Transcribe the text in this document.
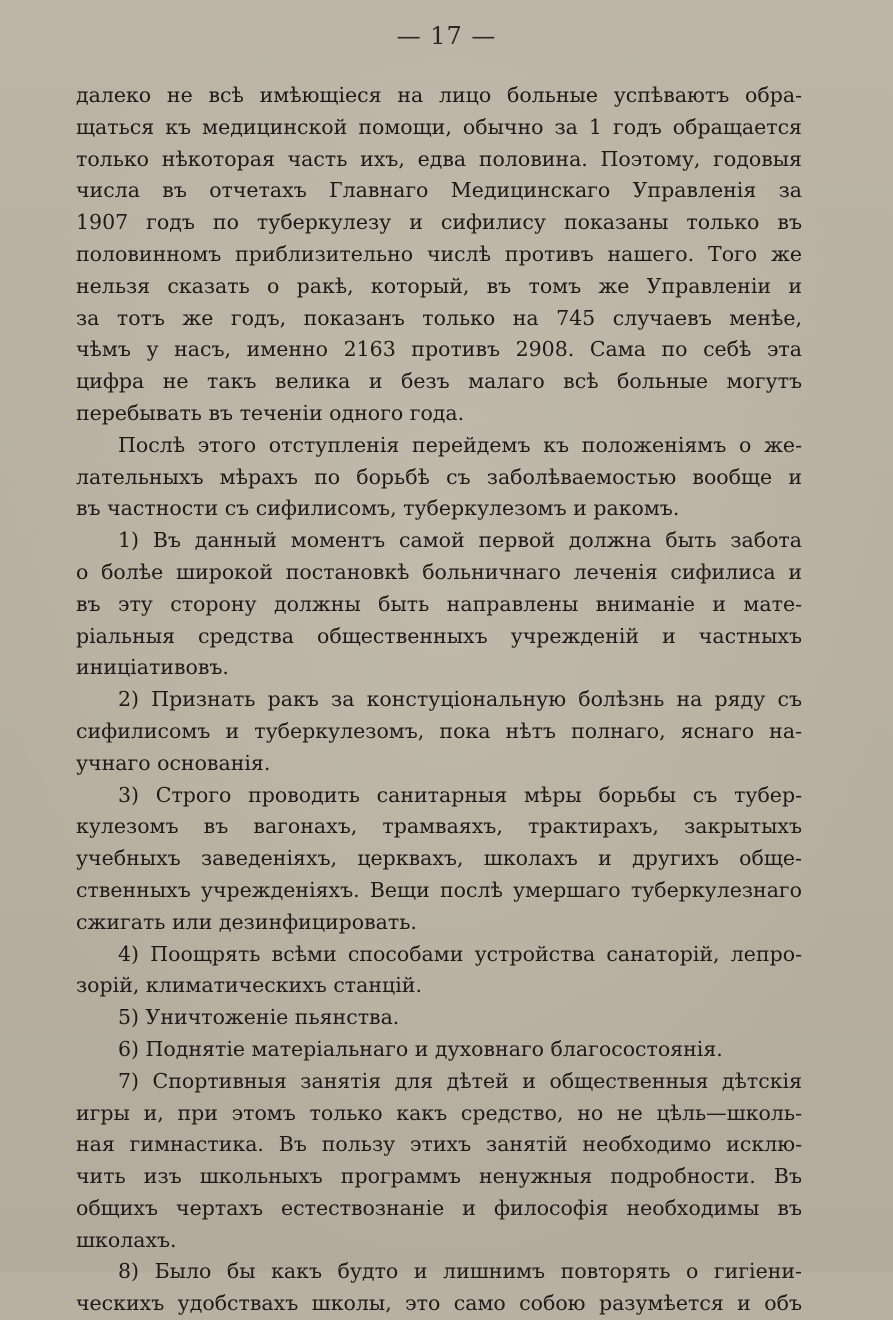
— 17 —
далеко не всѣ имѣющіеся на лицо больные успѣваютъ обра-
щаться къ медицинской помощи, обычно за 1 годъ обращается
только нѣкоторая часть ихъ, едва половина. Поэтому, годовыя
числа въ отчетахъ Главнаго Медицинскаго Управленія за
1907 годъ по туберкулезу и сифилису показаны только въ
половинномъ приблизительно числѣ противъ нашего. Того же
нельзя сказать о ракѣ, который, въ томъ же Управленіи и
за тотъ же годъ, показанъ только на 745 случаевъ менѣе,
чѣмъ у насъ, именно 2163 противъ 2908. Сама по себѣ эта
цифра не такъ велика и безъ малаго всѣ больные могутъ
перебывать въ теченіи одного года.
Послѣ этого отступленія перейдемъ къ положеніямъ о же-
лательныхъ мѣрахъ по борьбѣ съ заболѣваемостью вообще и
въ частности съ сифилисомъ, туберкулезомъ и ракомъ.
1) Въ данный моментъ самой первой должна быть забота
о болѣе широкой постановкѣ больничнаго леченія сифилиса и
въ эту сторону должны быть направлены вниманіе и мате-
ріальныя средства общественныхъ учрежденій и частныхъ
иниціативовъ.
2) Признать ракъ за констуціональную болѣзнь на ряду съ
сифилисомъ и туберкулезомъ, пока нѣтъ полнаго, яснаго на-
учнаго основанія.
3) Строго проводить санитарныя мѣры борьбы съ тубер-
кулезомъ въ вагонахъ, трамваяхъ, трактирахъ, закрытыхъ
учебныхъ заведеніяхъ, церквахъ, школахъ и другихъ обще-
ственныхъ учрежденіяхъ. Вещи послѣ умершаго туберкулезнаго
сжигать или дезинфицировать.
4) Поощрять всѣми способами устройства санаторій, лепро-
зорій, климатическихъ станцій.
5) Уничтоженіе пьянства.
6) Поднятіе матеріальнаго и духовнаго благосостоянія.
7) Спортивныя занятія для дѣтей и общественныя дѣтскія
игры и, при этомъ только какъ средство, но не цѣль—школь-
ная гимнастика. Въ пользу этихъ занятій необходимо исклю-
чить изъ школьныхъ программъ ненужныя подробности. Въ
общихъ чертахъ естествознаніе и философія необходимы въ
школахъ.
8) Было бы какъ будто и лишнимъ повторять о гигіени-
ческихъ удобствахъ школы, это само собою разумѣется и объ
